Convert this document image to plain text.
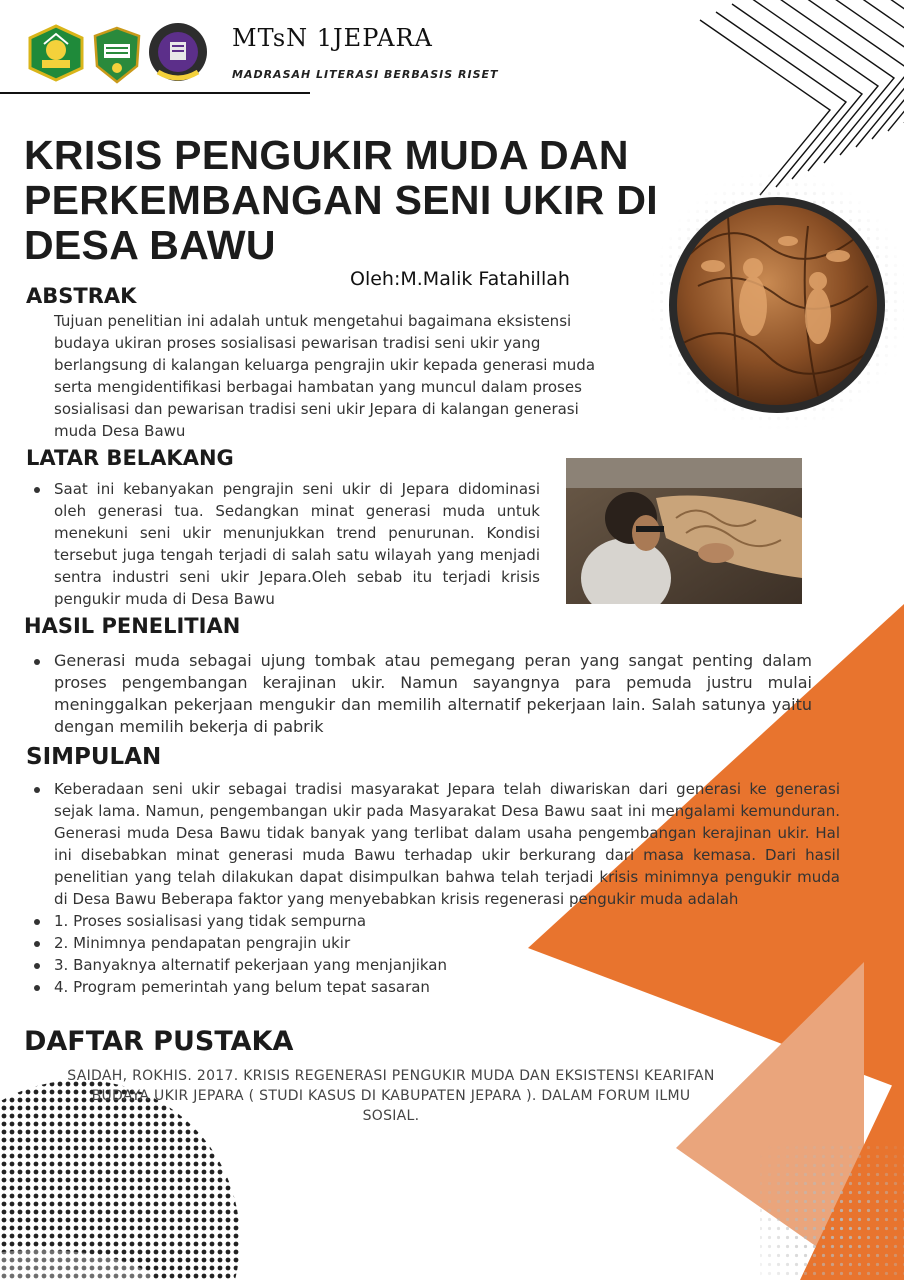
MTsN 1JEPARA
MADRASAH LITERASI BERBASIS RISET
KRISIS PENGUKIR MUDA DAN
PERKEMBANGAN SENI UKIR DI
DESA BAWU
Oleh:M.Malik Fatahillah
ABSTRAK
Tujuan penelitian ini adalah untuk mengetahui bagaimana eksistensi
budaya ukiran proses sosialisasi pewarisan tradisi seni ukir yang
berlangsung di kalangan keluarga pengrajin ukir kepada generasi muda
serta mengidentifikasi berbagai hambatan yang muncul dalam proses
sosialisasi dan pewarisan tradisi seni ukir Jepara di kalangan generasi
muda Desa Bawu
LATAR BELAKANG
Saat ini kebanyakan pengrajin seni ukir di Jepara didominasi oleh generasi tua. Sedangkan minat generasi muda untuk menekuni seni ukir menunjukkan trend penurunan. Kondisi tersebut juga tengah terjadi di salah satu wilayah yang menjadi sentra industri seni ukir Jepara.Oleh sebab itu terjadi krisis pengukir muda di Desa Bawu
HASIL PENELITIAN
Generasi muda sebagai ujung tombak atau pemegang peran yang sangat penting dalam proses pengembangan kerajinan ukir. Namun sayangnya para pemuda justru mulai meninggalkan pekerjaan mengukir dan memilih alternatif pekerjaan lain. Salah satunya yaitu dengan memilih bekerja di pabrik
SIMPULAN
Keberadaan seni ukir sebagai tradisi masyarakat Jepara telah diwariskan dari generasi ke generasi sejak lama. Namun, pengembangan ukir pada Masyarakat Desa Bawu saat ini mengalami kemunduran. Generasi muda Desa Bawu tidak banyak yang terlibat dalam usaha pengembangan kerajinan ukir. Hal ini disebabkan minat generasi muda Bawu terhadap ukir berkurang dari masa kemasa. Dari hasil penelitian yang telah dilakukan dapat disimpulkan bahwa telah terjadi krisis minimnya pengukir muda di Desa Bawu Beberapa faktor yang menyebabkan krisis regenerasi pengukir muda adalah
1. Proses sosialisasi yang tidak sempurna
2. Minimnya pendapatan pengrajin ukir
3. Banyaknya alternatif pekerjaan yang menjanjikan
4. Program pemerintah yang belum tepat sasaran
DAFTAR PUSTAKA
SAIDAH, ROKHIS. 2017. KRISIS REGENERASI PENGUKIR MUDA DAN EKSISTENSI KEARIFAN
BUDAYA UKIR JEPARA ( STUDI KASUS DI KABUPATEN JEPARA ). DALAM FORUM ILMU
SOSIAL.
